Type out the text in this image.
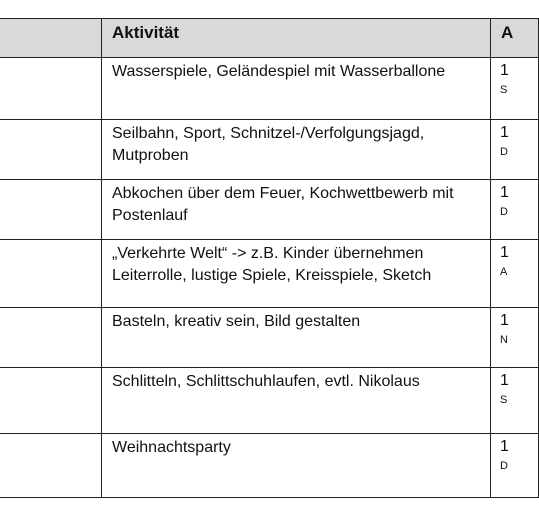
	Aktivität	A

	Wasserspiele, Geländespiel mit Wasserballone	1
S

	Seilbahn, Sport, Schnitzel-/Verfolgungsjagd, Mutproben	1
D

	Abkochen über dem Feuer, Kochwettbewerb mit Postenlauf	1
D

	„Verkehrte Welt“ -> z.B. Kinder übernehmen Leiterrolle, lustige Spiele, Kreisspiele, Sketch	1
A

	Basteln, kreativ sein, Bild gestalten	1
N

	Schlitteln, Schlittschuhlaufen, evtl. Nikolaus	1
S

	Weihnachtsparty	1
D
